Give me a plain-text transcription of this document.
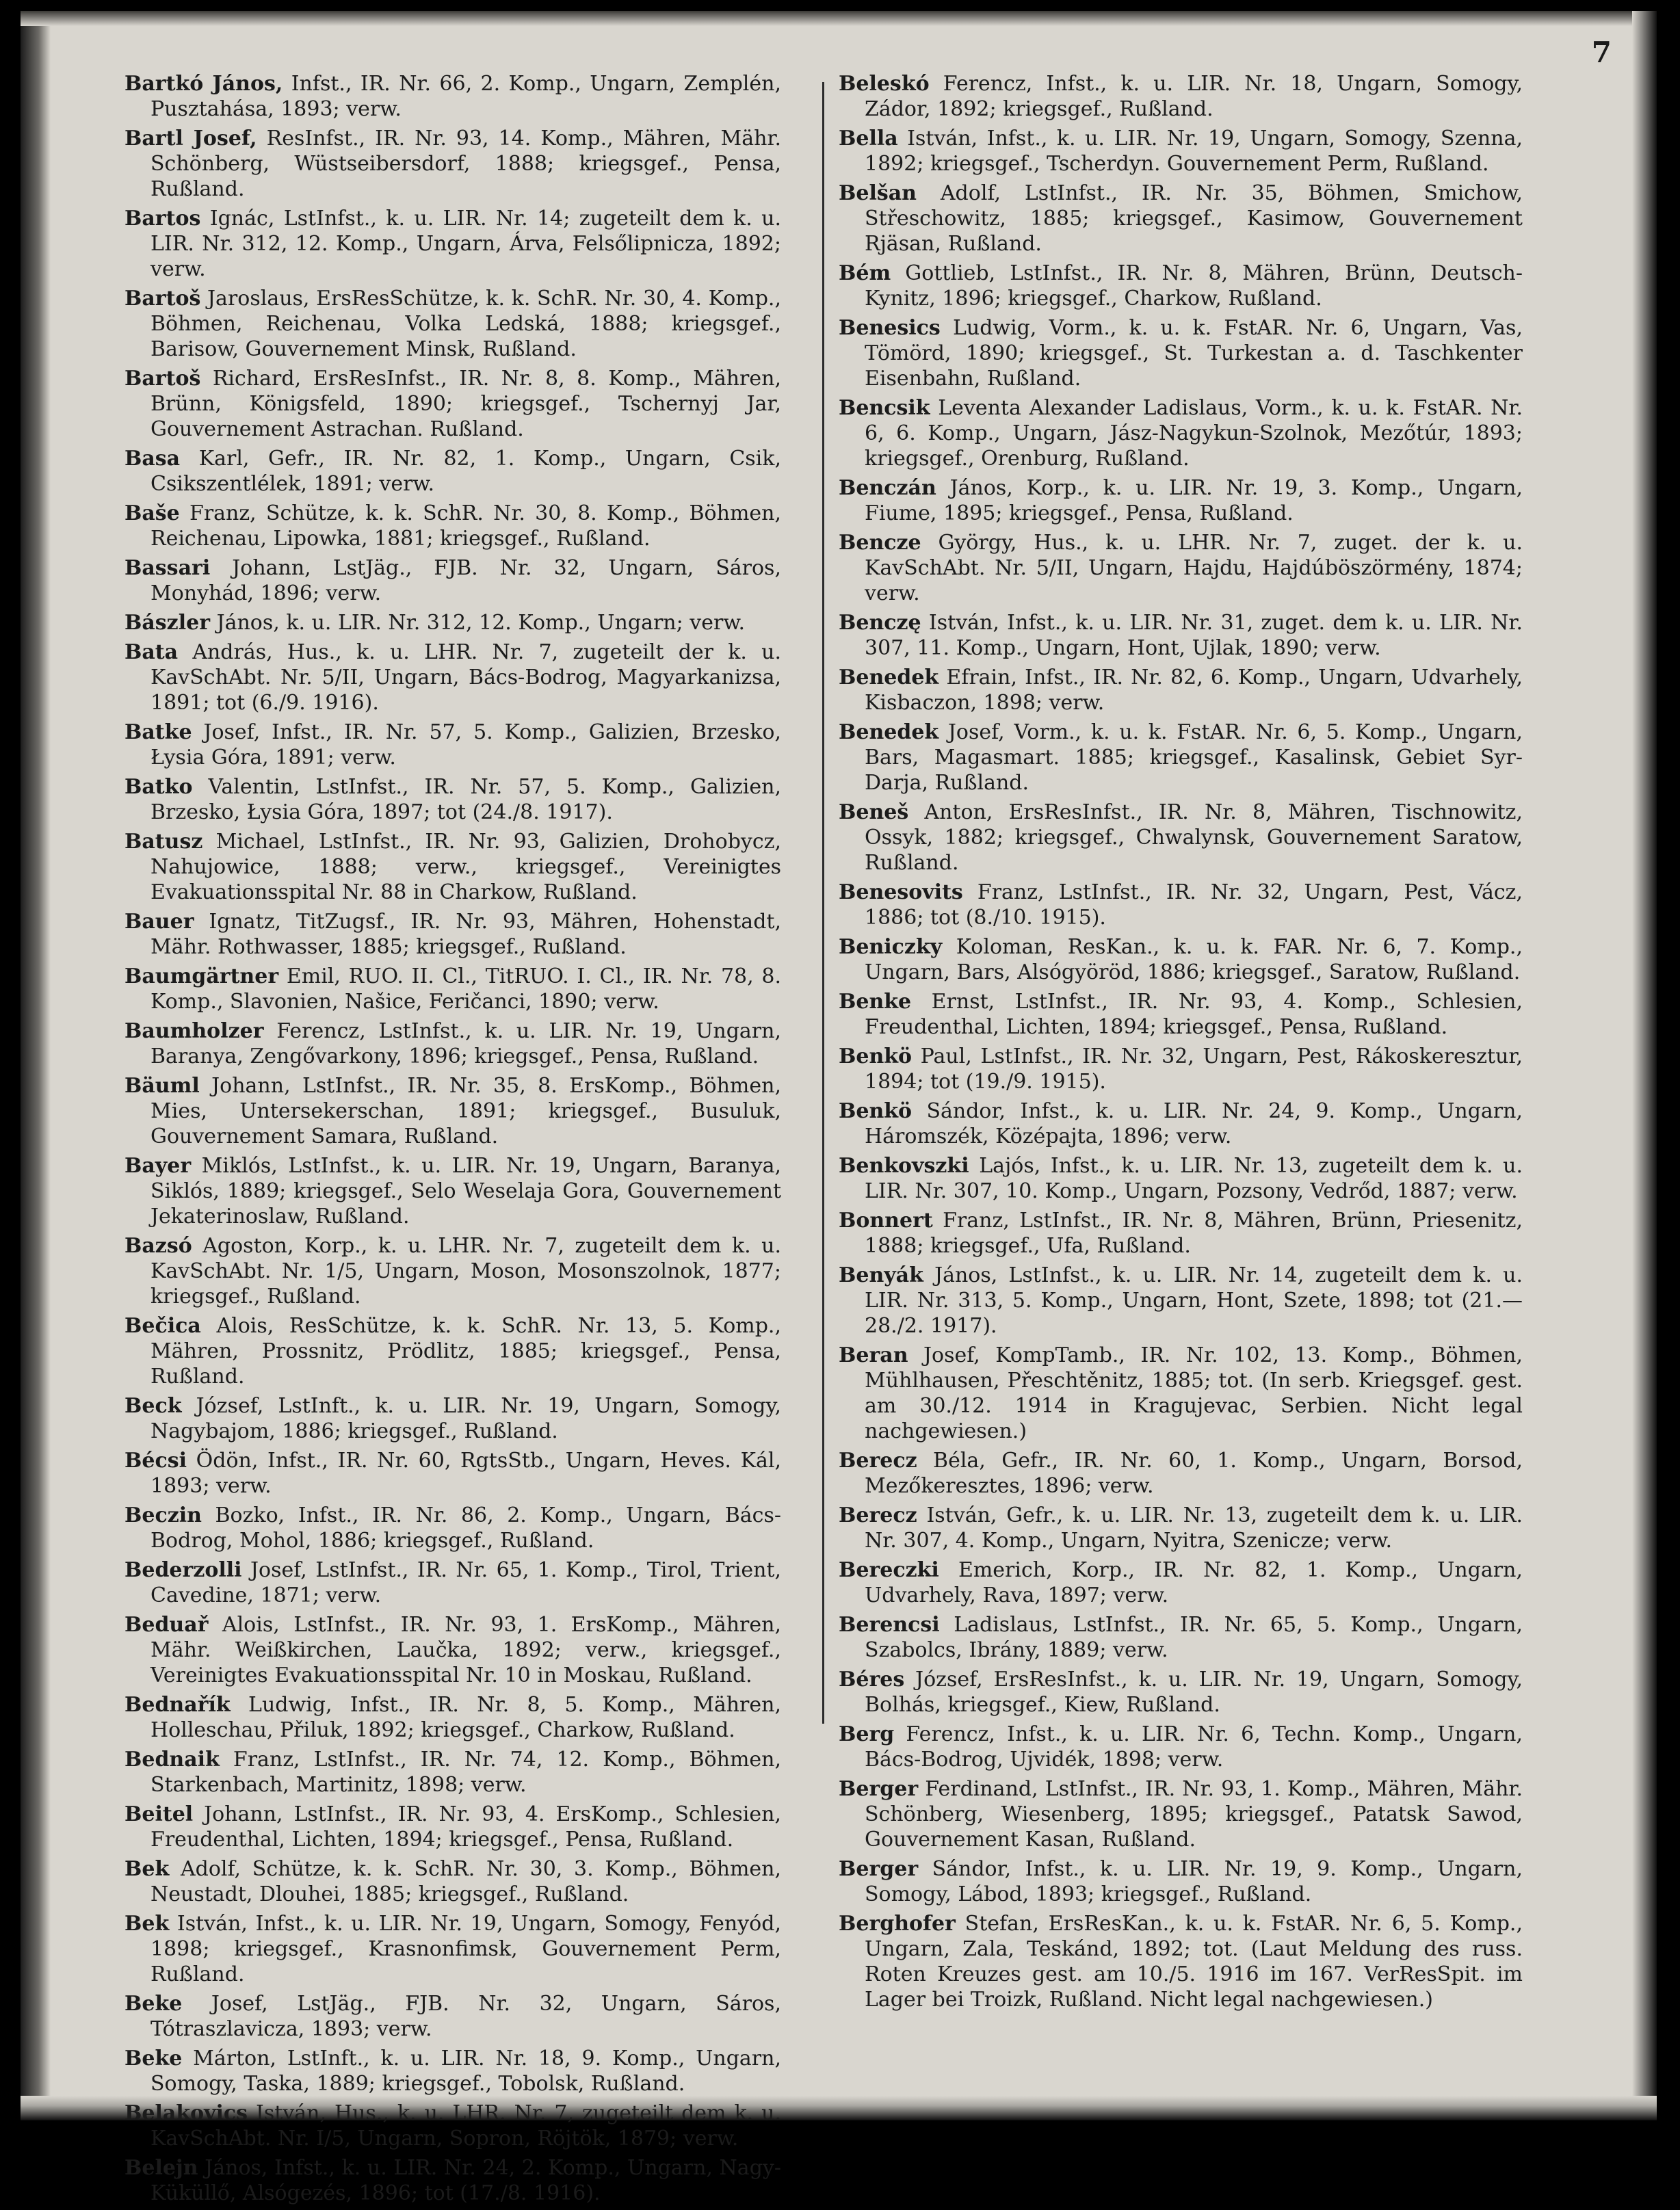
7

Bartkó János, Infst., IR. Nr. 66, 2. Komp., Ungarn, Zemplén, Pusztahása, 1893; verw.

Bartl Josef, ResInfst., IR. Nr. 93, 14. Komp., Mähren, Mähr. Schönberg, Wüstseibersdorf, 1888; kriegsgef., Pensa, Rußland.

Bartos Ignác, LstInfst., k. u. LIR. Nr. 14; zugeteilt dem k. u. LIR. Nr. 312, 12. Komp., Ungarn, Árva, Felsőlipnicza, 1892; verw.

Bartoš Jaroslaus, ErsResSchütze, k. k. SchR. Nr. 30, 4. Komp., Böhmen, Reichenau, Volka Ledská, 1888; kriegsgef., Barisow, Gouvernement Minsk, Rußland.

Bartoš Richard, ErsResInfst., IR. Nr. 8, 8. Komp., Mähren, Brünn, Königsfeld, 1890; kriegsgef., Tschernyj Jar, Gouvernement Astrachan. Rußland.

Basa Karl, Gefr., IR. Nr. 82, 1. Komp., Ungarn, Csik, Csikszentlélek, 1891; verw.

Baše Franz, Schütze, k. k. SchR. Nr. 30, 8. Komp., Böhmen, Reichenau, Lipowka, 1881; kriegsgef., Rußland.

Bassari Johann, LstJäg., FJB. Nr. 32, Ungarn, Sáros, Monyhád, 1896; verw.

Bászler János, k. u. LIR. Nr. 312, 12. Komp., Ungarn; verw.

Bata András, Hus., k. u. LHR. Nr. 7, zugeteilt der k. u. KavSchAbt. Nr. 5/II, Ungarn, Bács-Bodrog, Magyarkanizsa, 1891; tot (6./9. 1916).

Batke Josef, Infst., IR. Nr. 57, 5. Komp., Galizien, Brzesko, Łysia Góra, 1891; verw.

Batko Valentin, LstInfst., IR. Nr. 57, 5. Komp., Galizien, Brzesko, Łysia Góra, 1897; tot (24./8. 1917).

Batusz Michael, LstInfst., IR. Nr. 93, Galizien, Drohobycz, Nahujowice, 1888; verw., kriegsgef., Vereinigtes Evakuationsspital Nr. 88 in Charkow, Rußland.

Bauer Ignatz, TitZugsf., IR. Nr. 93, Mähren, Hohenstadt, Mähr. Rothwasser, 1885; kriegsgef., Rußland.

Baumgärtner Emil, RUO. II. Cl., TitRUO. I. Cl., IR. Nr. 78, 8. Komp., Slavonien, Našice, Feričanci, 1890; verw.

Baumholzer Ferencz, LstInfst., k. u. LIR. Nr. 19, Ungarn, Baranya, Zengővarkony, 1896; kriegsgef., Pensa, Rußland.

Bäuml Johann, LstInfst., IR. Nr. 35, 8. ErsKomp., Böhmen, Mies, Untersekerschan, 1891; kriegsgef., Busuluk, Gouvernement Samara, Rußland.

Bayer Miklós, LstInfst., k. u. LIR. Nr. 19, Ungarn, Baranya, Siklós, 1889; kriegsgef., Selo Weselaja Gora, Gouvernement Jekaterinoslaw, Rußland.

Bazsó Agoston, Korp., k. u. LHR. Nr. 7, zugeteilt dem k. u. KavSchAbt. Nr. 1/5, Ungarn, Moson, Mosonszolnok, 1877; kriegsgef., Rußland.

Bečica Alois, ResSchütze, k. k. SchR. Nr. 13, 5. Komp., Mähren, Prossnitz, Prödlitz, 1885; kriegsgef., Pensa, Rußland.

Beck József, LstInft., k. u. LIR. Nr. 19, Ungarn, Somogy, Nagybajom, 1886; kriegsgef., Rußland.

Bécsi Ödön, Infst., IR. Nr. 60, RgtsStb., Ungarn, Heves. Kál, 1893; verw.

Beczin Bozko, Infst., IR. Nr. 86, 2. Komp., Ungarn, Bács-Bodrog, Mohol, 1886; kriegsgef., Rußland.

Bederzolli Josef, LstInfst., IR. Nr. 65, 1. Komp., Tirol, Trient, Cavedine, 1871; verw.

Beduař Alois, LstInfst., IR. Nr. 93, 1. ErsKomp., Mähren, Mähr. Weißkirchen, Laučka, 1892; verw., kriegsgef., Vereinigtes Evakuationsspital Nr. 10 in Moskau, Rußland.

Bednařík Ludwig, Infst., IR. Nr. 8, 5. Komp., Mähren, Holleschau, Přiluk, 1892; kriegsgef., Charkow, Rußland.

Bednaik Franz, LstInfst., IR. Nr. 74, 12. Komp., Böhmen, Starkenbach, Martinitz, 1898; verw.

Beitel Johann, LstInfst., IR. Nr. 93, 4. ErsKomp., Schlesien, Freudenthal, Lichten, 1894; kriegsgef., Pensa, Rußland.

Bek Adolf, Schütze, k. k. SchR. Nr. 30, 3. Komp., Böhmen, Neustadt, Dlouhei, 1885; kriegsgef., Rußland.

Bek István, Infst., k. u. LIR. Nr. 19, Ungarn, Somogy, Fenyód, 1898; kriegsgef., Krasnonfimsk, Gouvernement Perm, Rußland.

Beke Josef, LstJäg., FJB. Nr. 32, Ungarn, Sáros, Tótraszlavicza, 1893; verw.

Beke Márton, LstInft., k. u. LIR. Nr. 18, 9. Komp., Ungarn, Somogy, Taska, 1889; kriegsgef., Tobolsk, Rußland.

Belakovics István, Hus., k. u. LHR. Nr. 7, zugeteilt dem k. u. KavSchAbt. Nr. I/5, Ungarn, Sopron, Röjtök, 1879; verw.

Belejn János, Infst., k. u. LIR. Nr. 24, 2. Komp., Ungarn, Nagy-Küküllő, Alsógezés, 1896; tot (17./8. 1916).

Beleskó Ferencz, Infst., k. u. LIR. Nr. 18, Ungarn, Somogy, Zádor, 1892; kriegsgef., Rußland.

Bella István, Infst., k. u. LIR. Nr. 19, Ungarn, Somogy, Szenna, 1892; kriegsgef., Tscherdyn. Gouvernement Perm, Rußland.

Belšan Adolf, LstInfst., IR. Nr. 35, Böhmen, Smichow, Střeschowitz, 1885; kriegsgef., Kasimow, Gouvernement Rjäsan, Rußland.

Bém Gottlieb, LstInfst., IR. Nr. 8, Mähren, Brünn, Deutsch-Kynitz, 1896; kriegsgef., Charkow, Rußland.

Benesics Ludwig, Vorm., k. u. k. FstAR. Nr. 6, Ungarn, Vas, Tömörd, 1890; kriegsgef., St. Turkestan a. d. Taschkenter Eisenbahn, Rußland.

Bencsik Leventa Alexander Ladislaus, Vorm., k. u. k. FstAR. Nr. 6, 6. Komp., Ungarn, Jász-Nagykun-Szolnok, Mezőtúr, 1893; kriegsgef., Orenburg, Rußland.

Benczán János, Korp., k. u. LIR. Nr. 19, 3. Komp., Ungarn, Fiume, 1895; kriegsgef., Pensa, Rußland.

Bencze György, Hus., k. u. LHR. Nr. 7, zuget. der k. u. KavSchAbt. Nr. 5/II, Ungarn, Hajdu, Hajdúböszörmény, 1874; verw.

Benczę István, Infst., k. u. LIR. Nr. 31, zuget. dem k. u. LIR. Nr. 307, 11. Komp., Ungarn, Hont, Ujlak, 1890; verw.

Benedek Efrain, Infst., IR. Nr. 82, 6. Komp., Ungarn, Udvarhely, Kisbaczon, 1898; verw.

Benedek Josef, Vorm., k. u. k. FstAR. Nr. 6, 5. Komp., Ungarn, Bars, Magasmart. 1885; kriegsgef., Kasalinsk, Gebiet Syr-Darja, Rußland.

Beneš Anton, ErsResInfst., IR. Nr. 8, Mähren, Tischnowitz, Ossyk, 1882; kriegsgef., Chwalynsk, Gouvernement Saratow, Rußland.

Benesovits Franz, LstInfst., IR. Nr. 32, Ungarn, Pest, Vácz, 1886; tot (8./10. 1915).

Beniczky Koloman, ResKan., k. u. k. FAR. Nr. 6, 7. Komp., Ungarn, Bars, Alsógyöröd, 1886; kriegsgef., Saratow, Rußland.

Benke Ernst, LstInfst., IR. Nr. 93, 4. Komp., Schlesien, Freudenthal, Lichten, 1894; kriegsgef., Pensa, Rußland.

Benkö Paul, LstInfst., IR. Nr. 32, Ungarn, Pest, Rákoskeresztur, 1894; tot (19./9. 1915).

Benkö Sándor, Infst., k. u. LIR. Nr. 24, 9. Komp., Ungarn, Háromszék, Középajta, 1896; verw.

Benkovszki Lajós, Infst., k. u. LIR. Nr. 13, zugeteilt dem k. u. LIR. Nr. 307, 10. Komp., Ungarn, Pozsony, Vedrőd, 1887; verw.

Bonnert Franz, LstInfst., IR. Nr. 8, Mähren, Brünn, Priesenitz, 1888; kriegsgef., Ufa, Rußland.

Benyák János, LstInfst., k. u. LIR. Nr. 14, zugeteilt dem k. u. LIR. Nr. 313, 5. Komp., Ungarn, Hont, Szete, 1898; tot (21.—28./2. 1917).

Beran Josef, KompTamb., IR. Nr. 102, 13. Komp., Böhmen, Mühlhausen, Přeschtěnitz, 1885; tot. (In serb. Kriegsgef. gest. am 30./12. 1914 in Kragujevac, Serbien. Nicht legal nachgewiesen.)

Berecz Béla, Gefr., IR. Nr. 60, 1. Komp., Ungarn, Borsod, Mezőkeresztes, 1896; verw.

Berecz István, Gefr., k. u. LIR. Nr. 13, zugeteilt dem k. u. LIR. Nr. 307, 4. Komp., Ungarn, Nyitra, Szenicze; verw.

Bereczki Emerich, Korp., IR. Nr. 82, 1. Komp., Ungarn, Udvarhely, Rava, 1897; verw.

Berencsi Ladislaus, LstInfst., IR. Nr. 65, 5. Komp., Ungarn, Szabolcs, Ibrány, 1889; verw.

Béres József, ErsResInfst., k. u. LIR. Nr. 19, Ungarn, Somogy, Bolhás, kriegsgef., Kiew, Rußland.

Berg Ferencz, Infst., k. u. LIR. Nr. 6, Techn. Komp., Ungarn, Bács-Bodrog, Ujvidék, 1898; verw.

Berger Ferdinand, LstInfst., IR. Nr. 93, 1. Komp., Mähren, Mähr. Schönberg, Wiesenberg, 1895; kriegsgef., Patatsk Sawod, Gouvernement Kasan, Rußland.

Berger Sándor, Infst., k. u. LIR. Nr. 19, 9. Komp., Ungarn, Somogy, Lábod, 1893; kriegsgef., Rußland.

Berghofer Stefan, ErsResKan., k. u. k. FstAR. Nr. 6, 5. Komp., Ungarn, Zala, Teskánd, 1892; tot. (Laut Meldung des russ. Roten Kreuzes gest. am 10./5. 1916 im 167. VerResSpit. im Lager bei Troizk, Rußland. Nicht legal nachgewiesen.)
